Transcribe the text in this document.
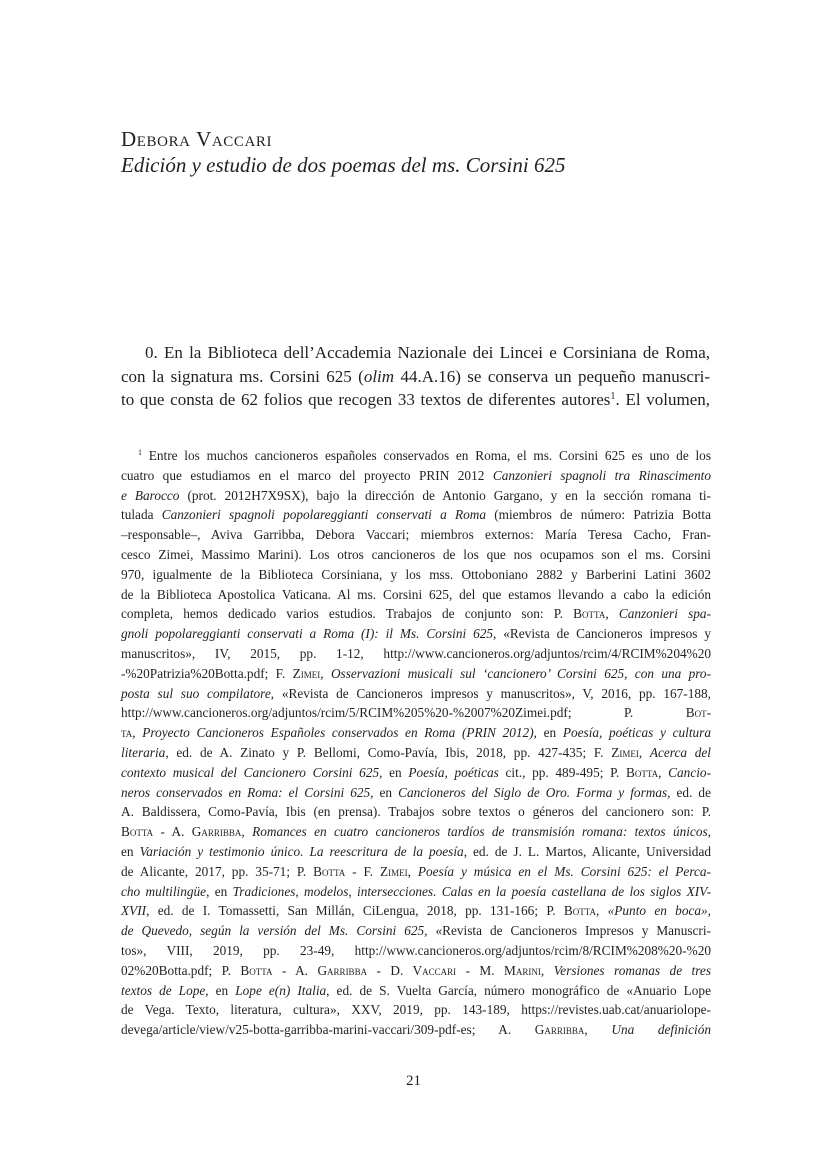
Debora Vaccari
Edición y estudio de dos poemas del ms. Corsini 625
0. En la Biblioteca dell’Accademia Nazionale dei Lincei e Corsiniana de Roma,
con la signatura ms. Corsini 625 (olim 44.A.16) se conserva un pequeño manuscri-
to que consta de 62 folios que recogen 33 textos de diferentes autores$^1$. El volumen,
$^1$ Entre los muchos cancioneros españoles conservados en Roma, el ms. Corsini 625 es uno de los
cuatro que estudiamos en el marco del proyecto PRIN 2012 Canzonieri spagnoli tra Rinascimento
e Barocco (prot. 2012H7X9SX), bajo la dirección de Antonio Gargano, y en la sección romana ti-
tulada Canzonieri spagnoli popolareggianti conservati a Roma (miembros de número: Patrizia Botta
–responsable–, Aviva Garribba, Debora Vaccari; miembros externos: María Teresa Cacho, Fran-
cesco Zimei, Massimo Marini). Los otros cancioneros de los que nos ocupamos son el ms. Corsini
970, igualmente de la Biblioteca Corsiniana, y los mss. Ottoboniano 2882 y Barberini Latini 3602
de la Biblioteca Apostolica Vaticana. Al ms. Corsini 625, del que estamos llevando a cabo la edición
completa, hemos dedicado varios estudios. Trabajos de conjunto son: P. Botta, Canzonieri spa-
gnoli popolareggianti conservati a Roma (I): il Ms. Corsini 625, «Revista de Cancioneros impresos y
manuscritos», IV, 2015, pp. 1-12, http://www.cancioneros.org/adjuntos/rcim/4/RCIM%204%20
-%20Patrizia%20Botta.pdf; F. Zimei, Osservazioni musicali sul ‘cancionero’ Corsini 625, con una pro-
posta sul suo compilatore, «Revista de Cancioneros impresos y manuscritos», V, 2016, pp. 167-188,
http://www.cancioneros.org/adjuntos/rcim/5/RCIM%205%20-%2007%20Zimei.pdf; P. Bot-
ta, Proyecto Cancioneros Españoles conservados en Roma (PRIN 2012), en Poesía, poéticas y cultura
literaria, ed. de A. Zinato y P. Bellomi, Como-Pavía, Ibis, 2018, pp. 427-435; F. Zimei, Acerca del
contexto musical del Cancionero Corsini 625, en Poesía, poéticas cit., pp. 489-495; P. Botta, Cancio-
neros conservados en Roma: el Corsini 625, en Cancioneros del Siglo de Oro. Forma y formas, ed. de
A. Baldissera, Como-Pavía, Ibis (en prensa). Trabajos sobre textos o géneros del cancionero son: P.
Botta - A. Garribba, Romances en cuatro cancioneros tardíos de transmisión romana: textos únicos,
en Variación y testimonio único. La reescritura de la poesía, ed. de J. L. Martos, Alicante, Universidad
de Alicante, 2017, pp. 35-71; P. Botta - F. Zimei, Poesía y música en el Ms. Corsini 625: el Perca-
cho multilingüe, en Tradiciones, modelos, intersecciones. Calas en la poesía castellana de los siglos XIV-
XVII, ed. de I. Tomassetti, San Millán, CiLengua, 2018, pp. 131-166; P. Botta, «Punto en boca»,
de Quevedo, según la versión del Ms. Corsini 625, «Revista de Cancioneros Impresos y Manuscri-
tos», VIII, 2019, pp. 23-49, http://www.cancioneros.org/adjuntos/rcim/8/RCIM%208%20-%20
02%20Botta.pdf; P. Botta - A. Garribba - D. Vaccari - M. Marini, Versiones romanas de tres
textos de Lope, en Lope e(n) Italia, ed. de S. Vuelta García, número monográfico de «Anuario Lope
de Vega. Texto, literatura, cultura», XXV, 2019, pp. 143-189, https://revistes.uab.cat/anuariolope-
devega/article/view/v25-botta-garribba-marini-vaccari/309-pdf-es; A. Garribba, Una definición
21
